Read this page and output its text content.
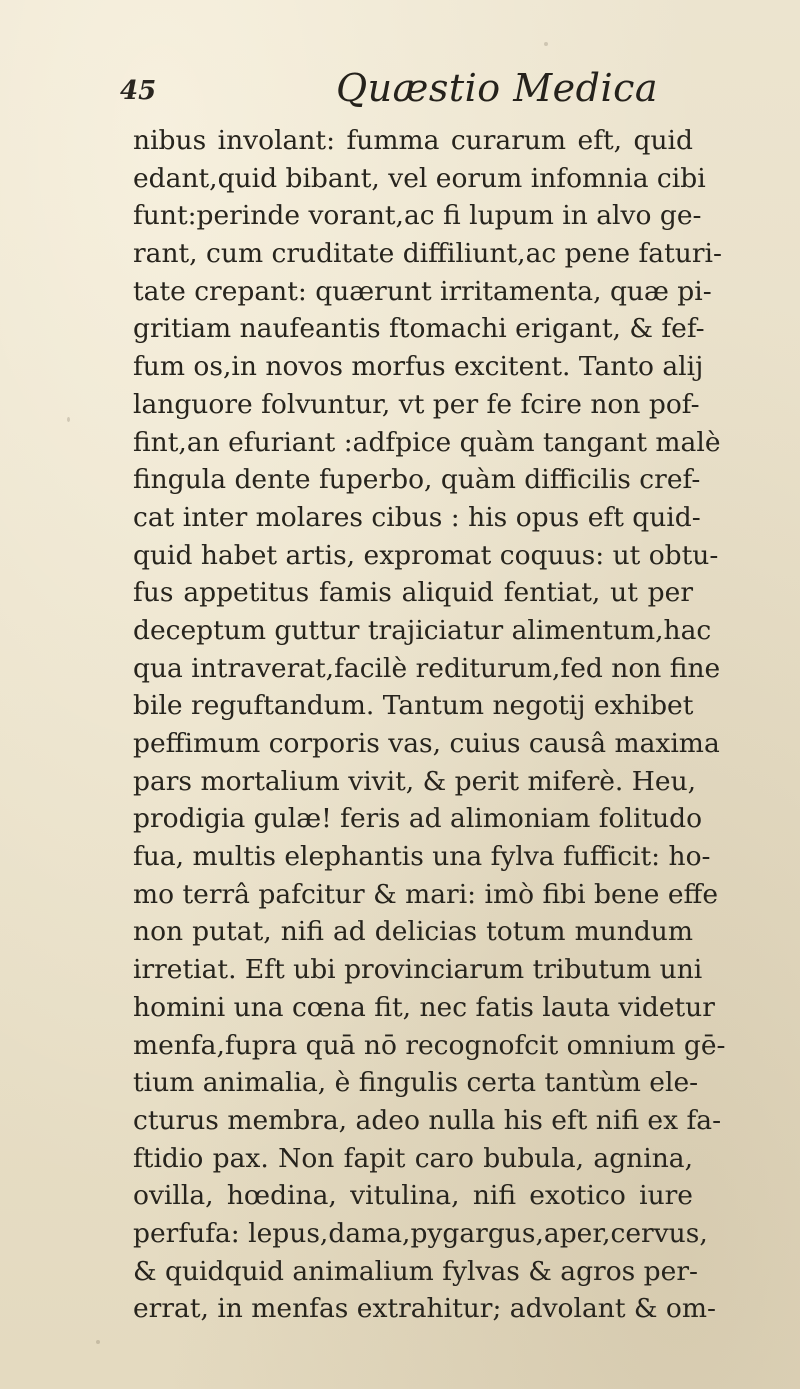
45	Quæstio Medica
nibus involant: fumma curarum eft, quid
edant,quid bibant, vel eorum infomnia cibi
funt:perinde vorant,ac fi lupum in alvo ge-
rant, cum cruditate diffiliunt,ac pene faturi-
tate crepant: quærunt irritamenta, quæ pi-
gritiam naufeantis ftomachi erigant, & fef-
fum os,in novos morfus excitent. Tanto alij
languore folvuntur, vt per fe fcire non pof-
fint,an efuriant :adfpice quàm tangant malè
fingula dente fuperbo, quàm difficilis cref-
cat inter molares cibus : his opus eft quid-
quid habet artis, expromat coquus: ut obtu-
fus appetitus famis aliquid fentiat, ut per
deceptum guttur trajiciatur alimentum,hac
qua intraverat,facilè rediturum,fed non fine
bile reguftandum. Tantum negotij exhibet
peffimum corporis vas, cuius causâ maxima
pars mortalium vivit, & perit miferè. Heu,
prodigia gulæ! feris ad alimoniam folitudo
fua, multis elephantis una fylva fufficit: ho-
mo terrâ pafcitur & mari: imò fibi bene effe
non putat, nifi ad delicias totum mundum
irretiat. Eft ubi provinciarum tributum uni
homini una cœna fit, nec fatis lauta videtur
menfa,fupra quā nō recognofcit omnium gē-
tium animalia, è fingulis certa tantùm ele-
cturus membra, adeo nulla his eft nifi ex fa-
ftidio pax. Non fapit caro bubula, agnina,
ovilla, hœdina, vitulina, nifi exotico iure
perfufa: lepus,dama,pygargus,aper,cervus,
& quidquid animalium fylvas & agros per-
errat, in menfas extrahitur; advolant & om-
